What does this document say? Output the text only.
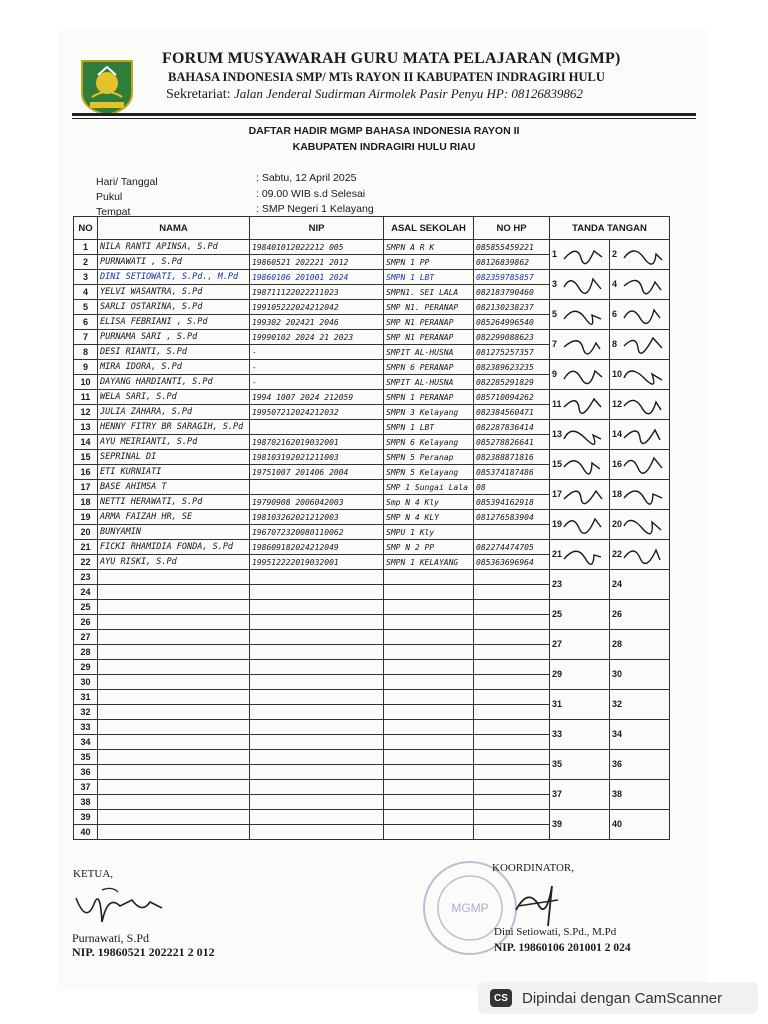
FORUM MUSYAWARAH GURU MATA PELAJARAN (MGMP)
BAHASA INDONESIA SMP/ MTs RAYON II KABUPATEN INDRAGIRI HULU
Sekretariat: Jalan Jenderal Sudirman Airmolek Pasir Penyu HP: 08126839862
DAFTAR HADIR MGMP BAHASA INDONESIA RAYON II
KABUPATEN INDRAGIRI HULU RIAU
Hari/ Tanggal	: Sabtu, 12 April 2025
Pukul	: 09.00 WIB s.d Selesai
Tempat	: SMP Negeri 1 Kelayang
NO	NAMA	NIP	ASAL SEKOLAH	NO HP	TANDA TANGAN	
1	NILA RANTI APINSA, S.Pd	198401012022212 005	SMPN A R K	085855459221	1	2

2	PURNAWATI , S.Pd	19860521 202221 2012	SMPN 1 PP	08126839862		
3	DINI SETIOWATI, S.Pd., M.Pd	19860106 201001 2024	SMPN 1 LBT	082359785857	3	4

4	YELVI WASANTRA, S.Pd	198711122022211023	SMPN1. SEI LALA	082183790460		
5	SARLI OSTARINA, S.Pd	199105222024212042	SMP N1. PERANAP	082130238237	5	6

6	ELISA FEBRIANI , S.Pd	199302 202421 2046	SMP N1 PERANAP	085264996540		
7	PURNAMA SARI , S.Pd	19990102 2024 21 2023	SMP N1 PERANAP	082299088623	7	8

8	DESI RIANTI, S.Pd	-	SMPIT AL-HUSNA	081275257357		
9	MIRA IDORA, S.Pd	-	SMPN 6 PERANAP	082389623235	9	10

10	DAYANG HARDIANTI, S.Pd	-	SMPIT AL-HUSNA	082285291829		
11	WELA SARI, S.Pd	1994 1007 2024 212059	SMPN 1 PERANAP	085710094262	11	12

12	JULIA ZAHARA, S.Pd	199507212024212032	SMPN 3 Kelayang	082384560471		
13	HENNY FITRY BR SARAGIH, S.Pd		SMPN 1 LBT	082287836414	13	14

14	AYU MEIRIANTI, S.Pd	198702162019032001	SMPN 6 Kelayang	085278826641		
15	SEPRINAL DI	198103192021211003	SMPN 5 Peranap	082388871816	15	16

16	ETI KURNIATI	19751007 201406 2004	SMPN 5 Kelayang	085374187486		
17	BASE AHIMSA T		SMP 1 Sungai Lala	08	17	18

18	NETTI HERAWATI, S.Pd	19790908 2006042003	Smp N 4 Kly	085394162918		
19	ARMA FAIZAH HR, SE	198103262021212003	SMP N 4 KLY	081276583904	19	20

20	BUNYAMIN	1967072320080110062	SMPU 1 Kly			
21	FICKI RHAMIDIA FONDA, S.Pd	198609182024212049	SMP N 2 PP	082274474705	21	22

22	AYU RISKI, S.Pd	199512222019032001	SMPN 1 KELAYANG	085363696964		
23					23	24
24						
25					25	26
26						
27					27	28
28						
29					29	30
30						
31					31	32
32						
33					33	34
34						
35					35	36
36						
37					37	38
38						
39					39	40
40						
KETUA,
Purnawati, S.Pd
NIP. 19860521 202221 2 012
MGMP
KOORDINATOR,
Dini Setiowati, S.Pd., M.Pd
NIP. 19860106 201001 2 024
CS Dipindai dengan CamScanner
